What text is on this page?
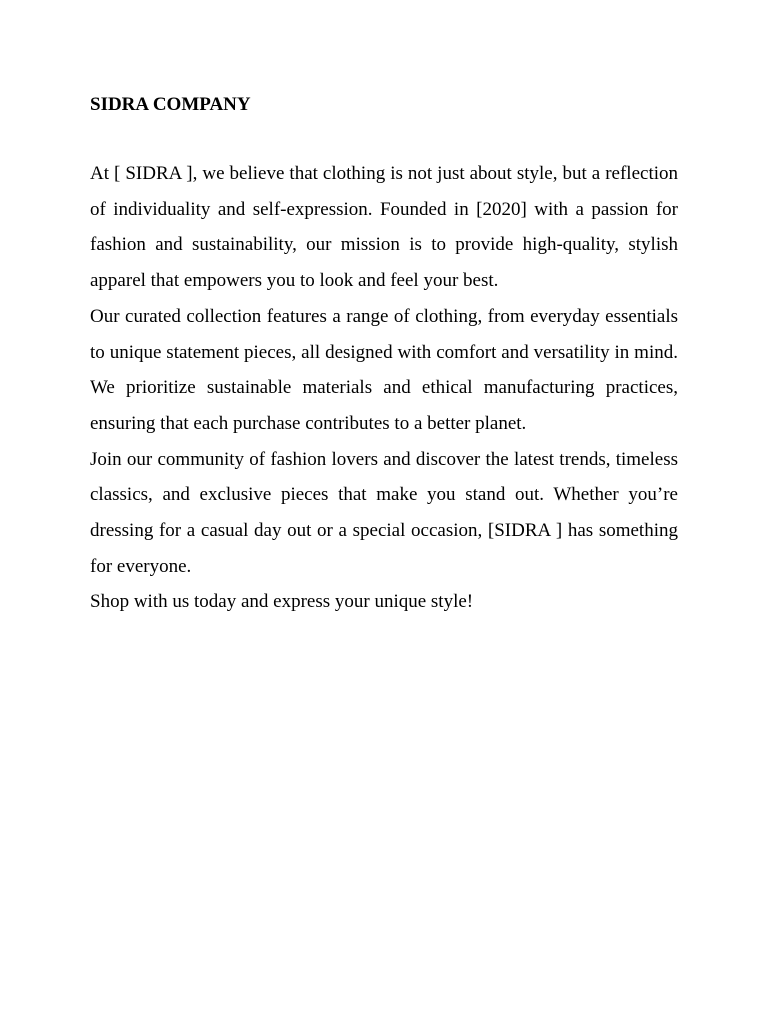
SIDRA COMPANY

At [ SIDRA ], we believe that clothing is not just about style, but a reflection of individuality and self-expression. Founded in [2020] with a passion for fashion and sustainability, our mission is to provide high-quality, stylish apparel that empowers you to look and feel your best.

Our curated collection features a range of clothing, from everyday essentials to unique statement pieces, all designed with comfort and versatility in mind. We prioritize sustainable materials and ethical manufacturing practices, ensuring that each purchase contributes to a better planet.

Join our community of fashion lovers and discover the latest trends, timeless classics, and exclusive pieces that make you stand out. Whether you’re dressing for a casual day out or a special occasion, [SIDRA ] has something for everyone.

Shop with us today and express your unique style!
